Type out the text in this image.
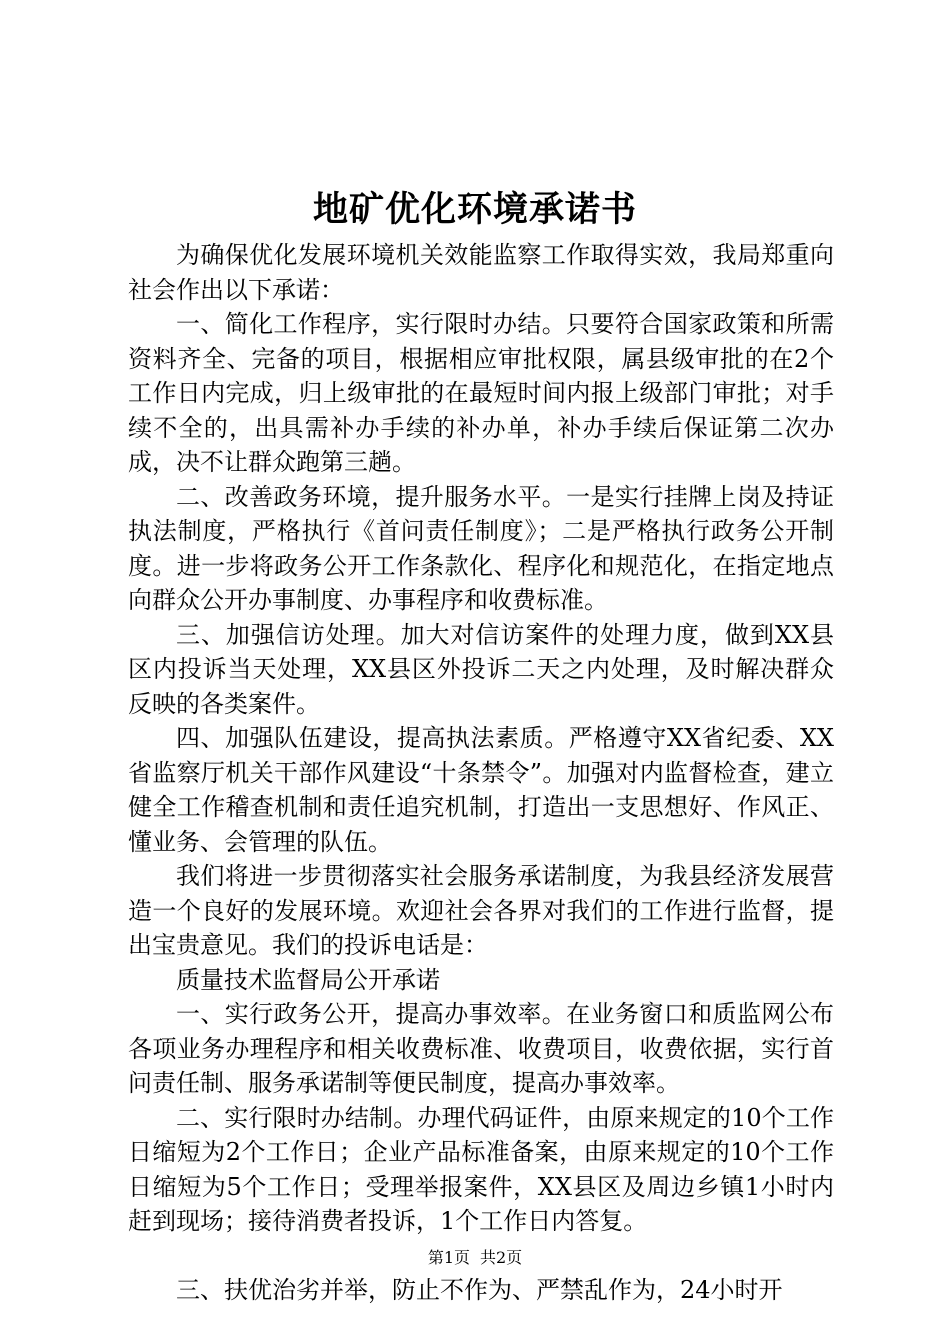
地矿优化环境承诺书

为确保优化发展环境机关效能监察工作取得实效，我局郑重向社会作出以下承诺：

一、简化工作程序，实行限时办结。只要符合国家政策和所需资料齐全、完备的项目，根据相应审批权限，属县级审批的在2个工作日内完成，归上级审批的在最短时间内报上级部门审批；对手续不全的，出具需补办手续的补办单，补办手续后保证第二次办成，决不让群众跑第三趟。

二、改善政务环境，提升服务水平。一是实行挂牌上岗及持证执法制度，严格执行《首问责任制度》；二是严格执行政务公开制度。进一步将政务公开工作条款化、程序化和规范化，在指定地点向群众公开办事制度、办事程序和收费标准。

三、加强信访处理。加大对信访案件的处理力度，做到XX县区内投诉当天处理，XX县区外投诉二天之内处理，及时解决群众反映的各类案件。

四、加强队伍建设，提高执法素质。严格遵守XX省纪委、XX省监察厅机关干部作风建设“十条禁令”。加强对内监督检查，建立健全工作稽查机制和责任追究机制，打造出一支思想好、作风正、懂业务、会管理的队伍。

我们将进一步贯彻落实社会服务承诺制度，为我县经济发展营造一个良好的发展环境。欢迎社会各界对我们的工作进行监督，提出宝贵意见。我们的投诉电话是：

质量技术监督局公开承诺

一、实行政务公开，提高办事效率。在业务窗口和质监网公布各项业务办理程序和相关收费标准、收费项目，收费依据，实行首问责任制、服务承诺制等便民制度，提高办事效率。

二、实行限时办结制。办理代码证件，由原来规定的10个工作日缩短为2个工作日；企业产品标准备案，由原来规定的10个工作日缩短为5个工作日；受理举报案件，XX县区及周边乡镇1小时内赶到现场；接待消费者投诉，1个工作日内答复。

三、扶优治劣并举，防止不作为、严禁乱作为，24小时开

第1页 共2页
